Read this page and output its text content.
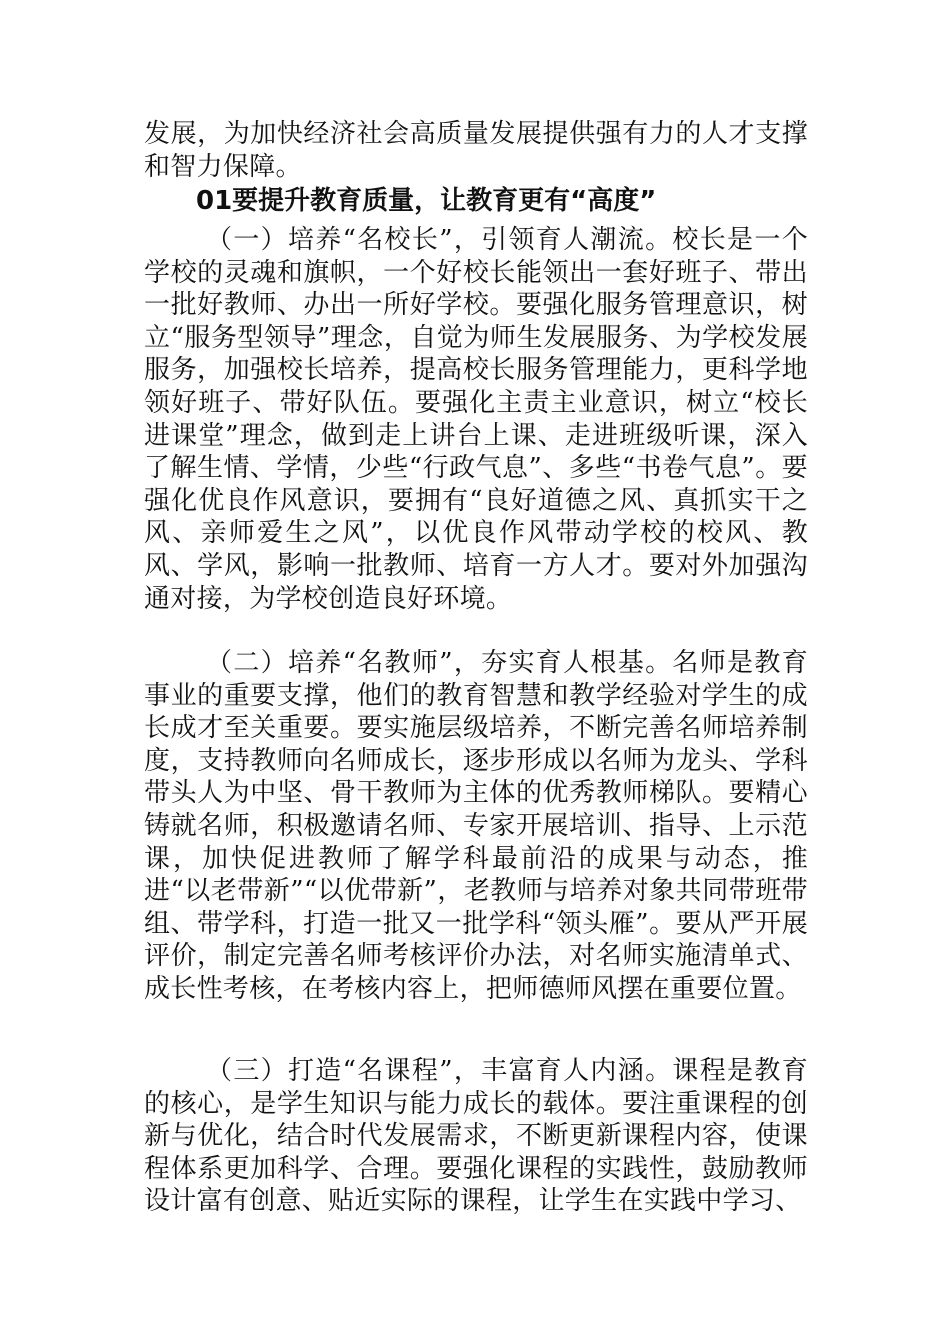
发展，为加快经济社会高质量发展提供强有力的人才支撑和智力保障。
01要提升教育质量，让教育更有“高度”
（一）培养“名校长”，引领育人潮流。校长是一个学校的灵魂和旗帜，一个好校长能领出一套好班子、带出一批好教师、办出一所好学校。要强化服务管理意识，树立“服务型领导”理念，自觉为师生发展服务、为学校发展服务，加强校长培养，提高校长服务管理能力，更科学地领好班子、带好队伍。要强化主责主业意识，树立“校长进课堂”理念，做到走上讲台上课、走进班级听课，深入了解生情、学情，少些“行政气息”、多些“书卷气息”。要强化优良作风意识，要拥有“良好道德之风、真抓实干之风、亲师爱生之风”，以优良作风带动学校的校风、教风、学风，影响一批教师、培育一方人才。要对外加强沟通对接，为学校创造良好环境。
（二）培养“名教师”，夯实育人根基。名师是教育事业的重要支撑，他们的教育智慧和教学经验对学生的成长成才至关重要。要实施层级培养，不断完善名师培养制度，支持教师向名师成长，逐步形成以名师为龙头、学科带头人为中坚、骨干教师为主体的优秀教师梯队。要精心铸就名师，积极邀请名师、专家开展培训、指导、上示范课，加快促进教师了解学科最前沿的成果与动态，推进“以老带新”“以优带新”，老教师与培养对象共同带班带组、带学科，打造一批又一批学科“领头雁”。要从严开展评价，制定完善名师考核评价办法，对名师实施清单式、成长性考核，在考核内容上，把师德师风摆在重要位置。
（三）打造“名课程”，丰富育人内涵。课程是教育的核心，是学生知识与能力成长的载体。要注重课程的创新与优化，结合时代发展需求，不断更新课程内容，使课程体系更加科学、合理。要强化课程的实践性，鼓励教师设计富有创意、贴近实际的课程，让学生在实践中学习、
